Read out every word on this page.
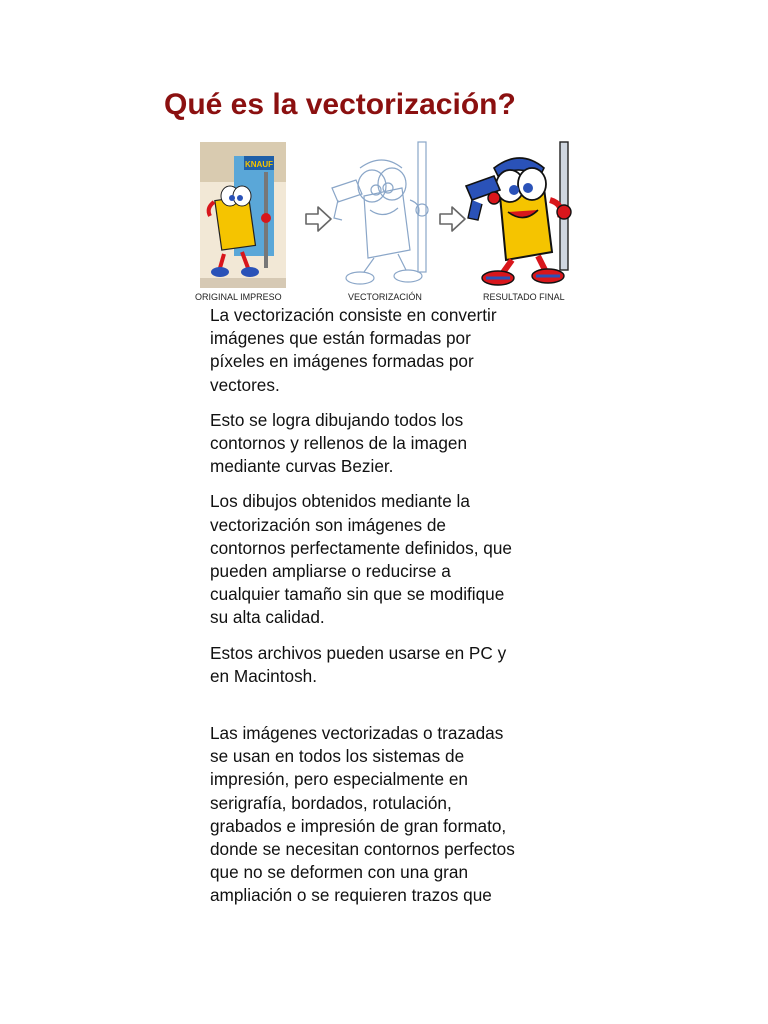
Qué es la vectorización?
KNAUF

ORIGINAL IMPRESO	VECTORIZACIÓN	RESULTADO FINAL

La vectorización consiste en convertir
imágenes que están formadas por
píxeles en imágenes formadas por
vectores.

Esto se logra dibujando todos los
contornos y rellenos de la imagen
mediante curvas Bezier.

Los dibujos obtenidos mediante la
vectorización son imágenes de
contornos perfectamente definidos, que
pueden ampliarse o reducirse a
cualquier tamaño sin que se modifique
su alta calidad.

Estos archivos pueden usarse en PC y
en Macintosh.

Las imágenes vectorizadas o trazadas
se usan en todos los sistemas de
impresión, pero especialmente en
serigrafía, bordados, rotulación,
grabados e impresión de gran formato,
donde se necesitan contornos perfectos
que no se deformen con una gran
ampliación o se requieren trazos que
